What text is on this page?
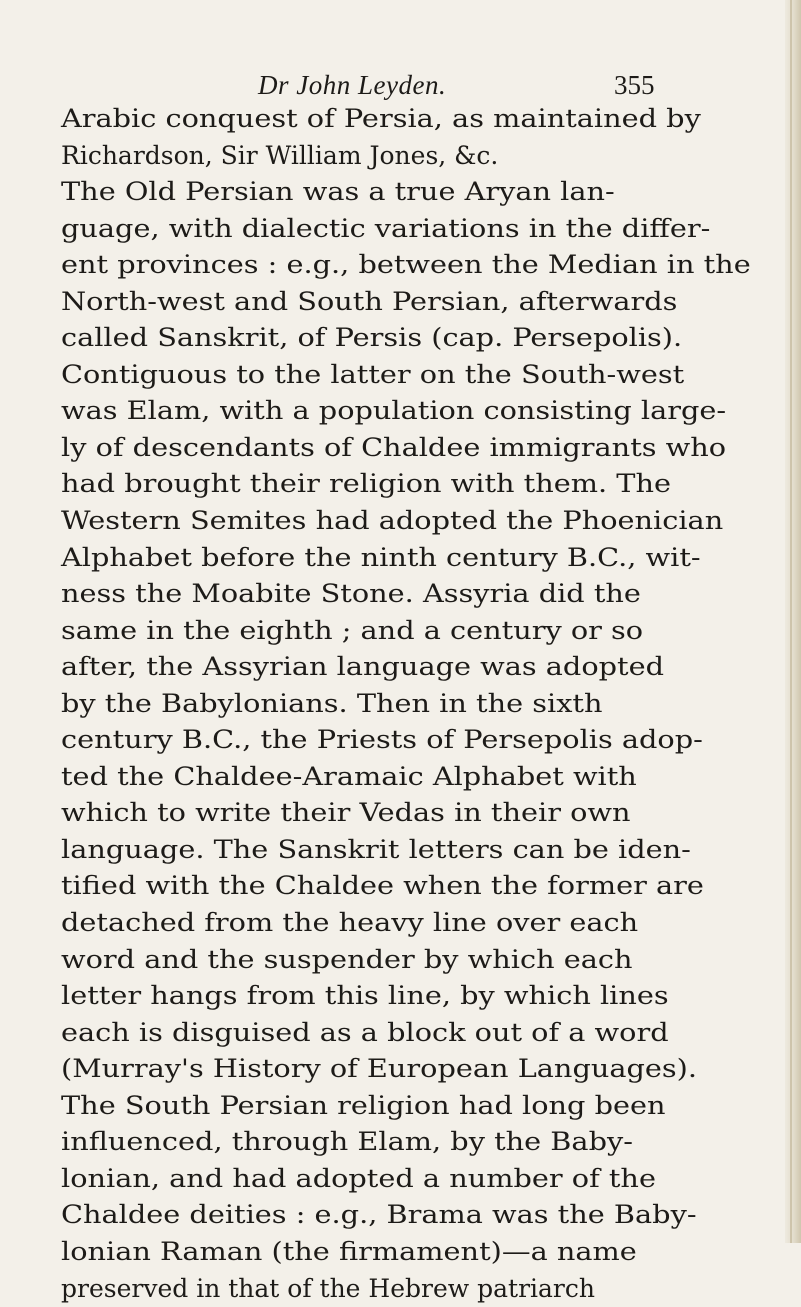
Dr John Leyden.	355
Arabic conquest of Persia, as maintained by
Richardson, Sir William Jones, &c.
The Old Persian was a true Aryan lan-
guage, with dialectic variations in the differ-
ent provinces : e.g., between the Median in the
North-west and South Persian, afterwards
called Sanskrit, of Persis (cap. Persepolis).
Contiguous to the latter on the South-west
was Elam, with a population consisting large-
ly of descendants of Chaldee immigrants who
had brought their religion with them. The
Western Semites had adopted the Phoenician
Alphabet before the ninth century B.C., wit-
ness the Moabite Stone. Assyria did the
same in the eighth ; and a century or so
after, the Assyrian language was adopted
by the Babylonians. Then in the sixth
century B.C., the Priests of Persepolis adop-
ted the Chaldee-Aramaic Alphabet with
which to write their Vedas in their own
language. The Sanskrit letters can be iden-
tified with the Chaldee when the former are
detached from the heavy line over each
word and the suspender by which each
letter hangs from this line, by which lines
each is disguised as a block out of a word
(Murray's History of European Languages).
The South Persian religion had long been
influenced, through Elam, by the Baby-
lonian, and had adopted a number of the
Chaldee deities : e.g., Brama was the Baby-
lonian Raman (the firmament)—a name
preserved in that of the Hebrew patriarch
